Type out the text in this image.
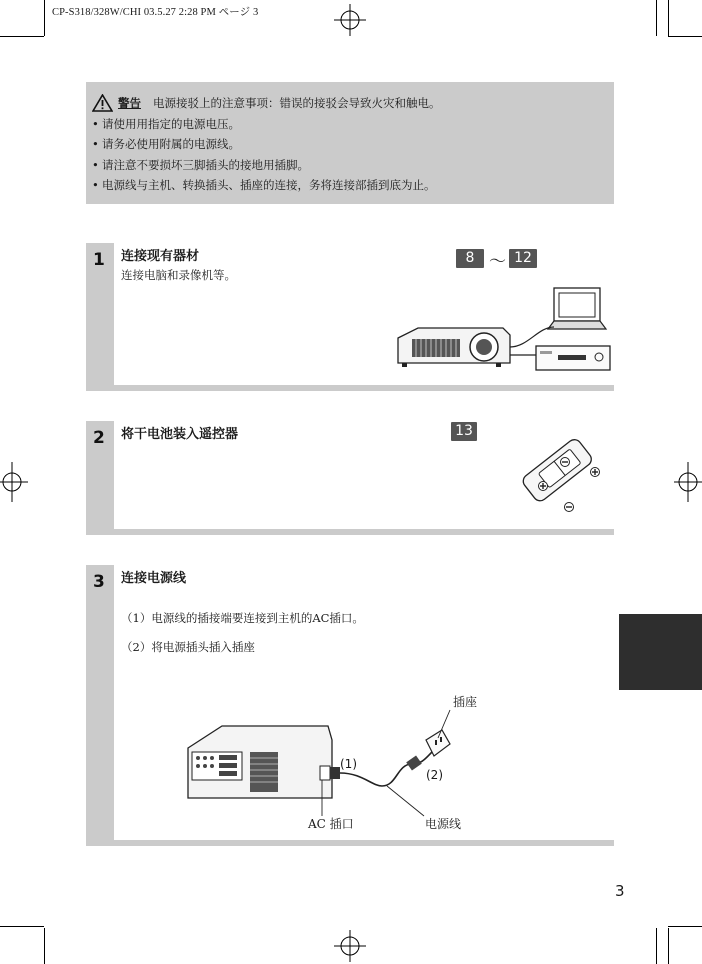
CP-S318/328W/CHI 03.5.27 2:28 PM ページ 3
警告 电源接驳上的注意事项 ：错误的接驳会导致火灾和触电。
• 请使用用指定的电源电压。
• 请务必使用附属的电源线。
• 请注意不要损坏三脚插头的接地用插脚。
• 电源线与主机、转换插头、插座的连接，务将连接部插到底为止。
1 连接现有器材
连接电脑和录像机等。
8 ～ 12
2 将干电池装入遥控器	13
3 连接电源线
（1）电源线的插接端要连接到主机的AC插口。
（2）将电源插头插入插座
插座
(1)
(2)
AC 插口	电源线
3
